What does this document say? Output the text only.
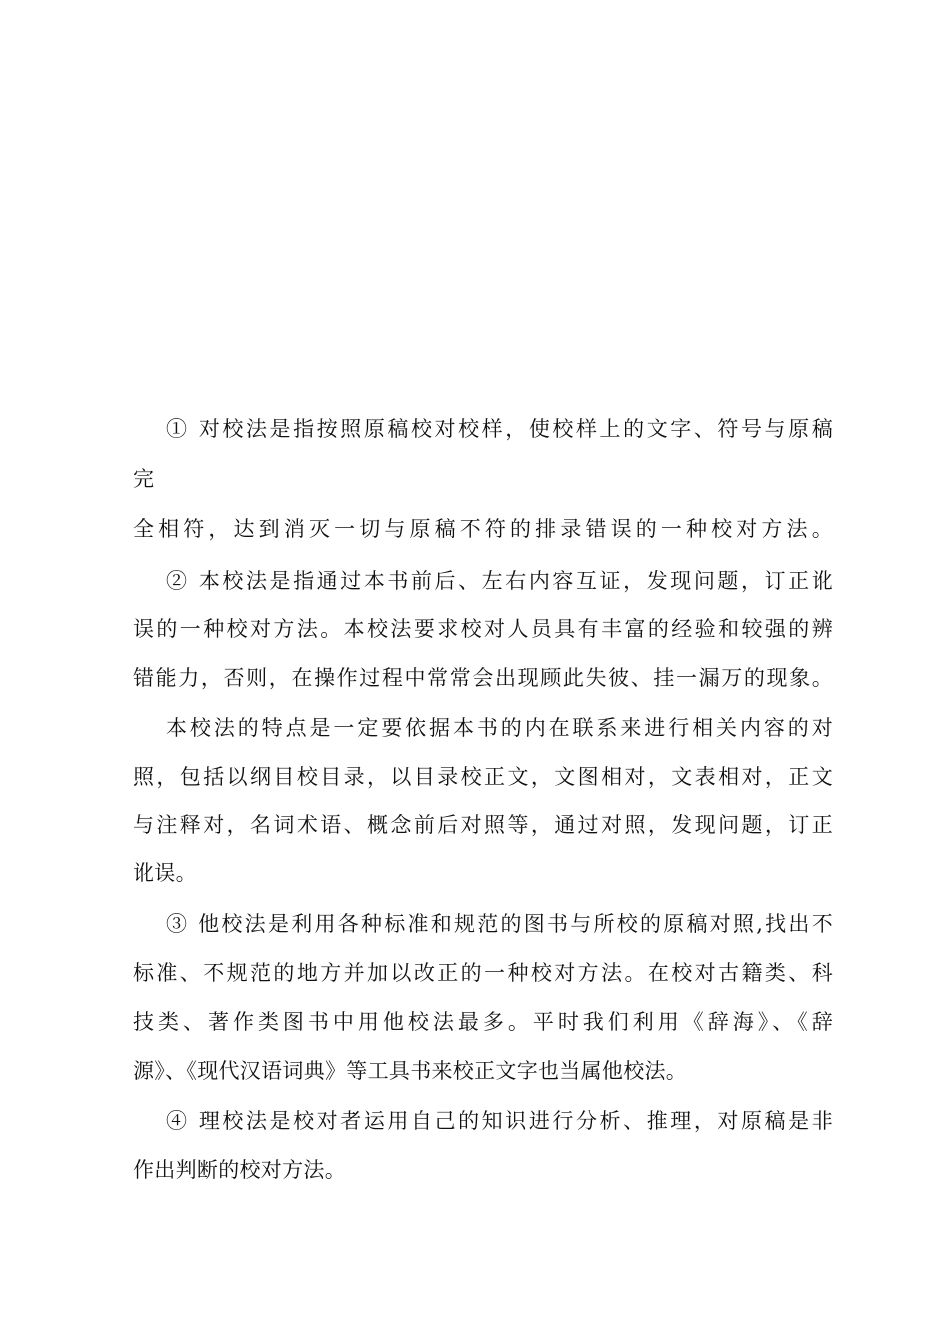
① 对校法是指按照原稿校对校样，使校样上的文字、符号与原稿
完
全相符，达到消灭一切与原稿不符的排录错误的一种校对方法。
② 本校法是指通过本书前后、左右内容互证，发现问题，订正讹
误的一种校对方法。本校法要求校对人员具有丰富的经验和较强的辨
错能力，否则，在操作过程中常常会出现顾此失彼、挂一漏万的现象。
本校法的特点是一定要依据本书的内在联系来进行相关内容的对
照，包括以纲目校目录，以目录校正文，文图相对，文表相对，正文
与注释对，名词术语、概念前后对照等，通过对照，发现问题，订正
讹误。
③ 他校法是利用各种标准和规范的图书与所校的原稿对照,找出不
标准、不规范的地方并加以改正的一种校对方法。在校对古籍类、科
技类、著作类图书中用他校法最多。平时我们利用《辞海》、《辞
源》、《现代汉语词典》等工具书来校正文字也当属他校法。
④ 理校法是校对者运用自己的知识进行分析、推理，对原稿是非
作出判断的校对方法。
